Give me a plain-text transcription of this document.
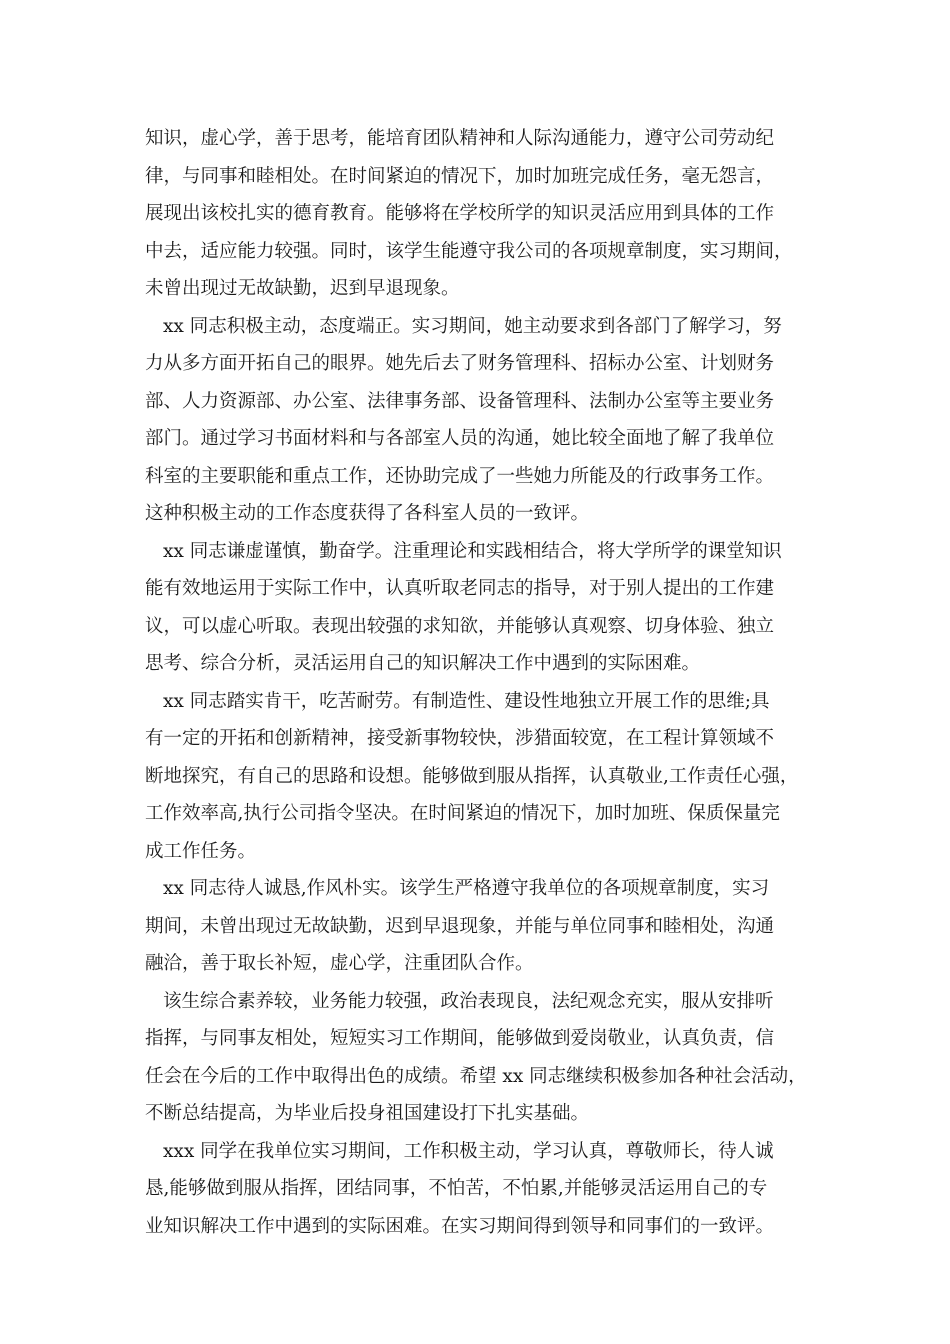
知识，虚心学，善于思考，能培育团队精神和人际沟通能力，遵守公司劳动纪
律，与同事和睦相处。在时间紧迫的情况下，加时加班完成任务，毫无怨言，
展现出该校扎实的德育教育。能够将在学校所学的知识灵活应用到具体的工作
中去，适应能力较强。同时，该学生能遵守我公司的各项规章制度，实习期间，
未曾出现过无故缺勤，迟到早退现象。
xx 同志积极主动，态度端正。实习期间，她主动要求到各部门了解学习，努
力从多方面开拓自己的眼界。她先后去了财务管理科、招标办公室、计划财务
部、人力资源部、办公室、法律事务部、设备管理科、法制办公室等主要业务
部门。通过学习书面材料和与各部室人员的沟通，她比较全面地了解了我单位
科室的主要职能和重点工作，还协助完成了一些她力所能及的行政事务工作。
这种积极主动的工作态度获得了各科室人员的一致评。
xx 同志谦虚谨慎，勤奋学。注重理论和实践相结合，将大学所学的课堂知识
能有效地运用于实际工作中，认真听取老同志的指导，对于别人提出的工作建
议，可以虚心听取。表现出较强的求知欲，并能够认真观察、切身体验、独立
思考、综合分析，灵活运用自己的知识解决工作中遇到的实际困难。
xx 同志踏实肯干，吃苦耐劳。有制造性、建设性地独立开展工作的思维;具
有一定的开拓和创新精神，接受新事物较快，涉猎面较宽，在工程计算领域不
断地探究，有自己的思路和设想。能够做到服从指挥，认真敬业,工作责任心强，
工作效率高,执行公司指令坚决。在时间紧迫的情况下，加时加班、保质保量完
成工作任务。
xx 同志待人诚恳,作风朴实。该学生严格遵守我单位的各项规章制度，实习
期间，未曾出现过无故缺勤，迟到早退现象，并能与单位同事和睦相处，沟通
融洽，善于取长补短，虚心学，注重团队合作。
该生综合素养较，业务能力较强，政治表现良，法纪观念充实，服从安排听
指挥，与同事友相处，短短实习工作期间，能够做到爱岗敬业，认真负责，信
任会在今后的工作中取得出色的成绩。希望 xx 同志继续积极参加各种社会活动，
不断总结提高，为毕业后投身祖国建设打下扎实基础。
xxx 同学在我单位实习期间，工作积极主动，学习认真，尊敬师长，待人诚
恳,能够做到服从指挥，团结同事，不怕苦，不怕累,并能够灵活运用自己的专
业知识解决工作中遇到的实际困难。在实习期间得到领导和同事们的一致评。
